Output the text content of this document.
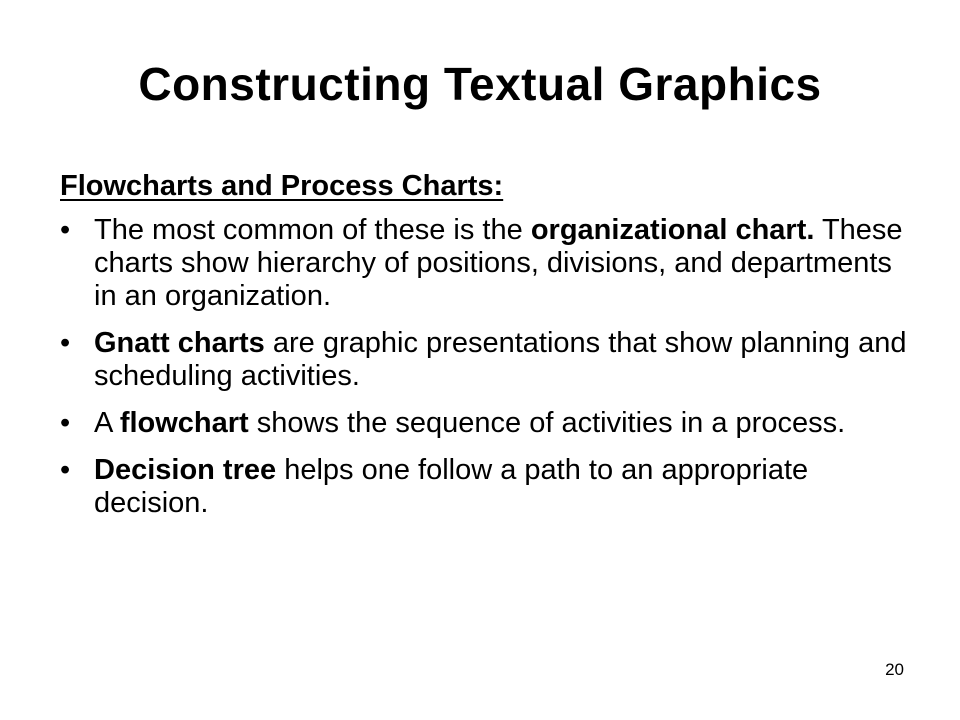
Constructing Textual Graphics
Flowcharts and Process Charts:
• The most common of these is the organizational chart. These charts show hierarchy of positions, divisions, and departments in an organization.
• Gnatt charts are graphic presentations that show planning and scheduling activities.
• A flowchart shows the sequence of activities in a process.
• Decision tree helps one follow a path to an appropriate decision.

20
